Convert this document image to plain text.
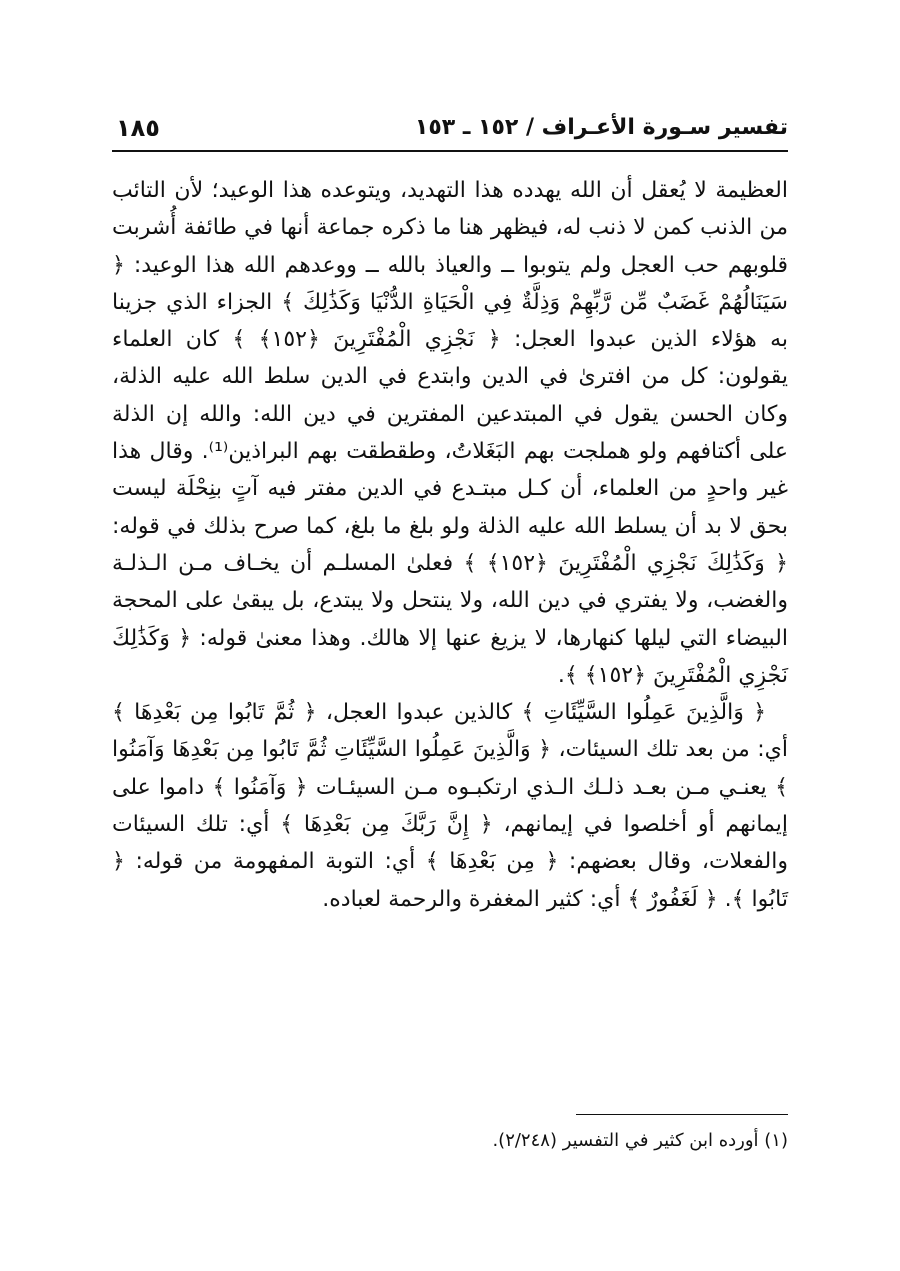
تفسير سـورة الأعـراف / ١٥٢ ـ ١٥٣
١٨٥

العظيمة لا يُعقل أن الله يهدده هذا التهديد، ويتوعده هذا الوعيد؛ لأن التائب من الذنب كمن لا ذنب له، فيظهر هنا ما ذكره جماعة أنها في طائفة أُشربت قلوبهم حب العجل ولم يتوبوا ــ والعياذ بالله ــ ووعدهم الله هذا الوعيد: ﴿ سَيَنَالُهُمْ غَضَبٌ مِّن رَّبِّهِمْ وَذِلَّةٌ فِي الْحَيَاةِ الدُّنْيَا وَكَذَٰلِكَ ﴾ الجزاء الذي جزينا به هؤلاء الذين عبدوا العجل: ﴿ نَجْزِي الْمُفْتَرِينَ ﴿١٥٢﴾ ﴾ كان العلماء يقولون: كل من افترىٰ في الدين وابتدع في الدين سلط الله عليه الذلة، وكان الحسن يقول في المبتدعين المفترين في دين الله: والله إن الذلة على أكتافهم ولو هملجت بهم البَغَلاتُ، وطقطقت بهم البراذين⁽¹⁾. وقال هذا غير واحدٍ من العلماء، أن كـل مبتـدع في الدين مفتر فيه آتٍ بنِحْلَة ليست بحق لا بد أن يسلط الله عليه الذلة ولو بلغ ما بلغ، كما صرح بذلك في قوله: ﴿ وَكَذَٰلِكَ نَجْزِي الْمُفْتَرِينَ ﴿١٥٢﴾ ﴾ فعلىٰ المسلـم أن يخـاف مـن الـذلـة والغضب، ولا يفتري في دين الله، ولا ينتحل ولا يبتدع، بل يبقىٰ على المحجة البيضاء التي ليلها كنهارها، لا يزيغ عنها إلا هالك. وهذا معنىٰ قوله: ﴿ وَكَذَٰلِكَ نَجْزِي الْمُفْتَرِينَ ﴿١٥٢﴾ ﴾.

﴿ وَالَّذِينَ عَمِلُوا السَّيِّئَاتِ ﴾ كالذين عبدوا العجل، ﴿ ثُمَّ تَابُوا مِن بَعْدِهَا ﴾ أي: من بعد تلك السيئات، ﴿ وَالَّذِينَ عَمِلُوا السَّيِّئَاتِ ثُمَّ تَابُوا مِن بَعْدِهَا وَآمَنُوا ﴾ يعنـي مـن بعـد ذلـك الـذي ارتكبـوه مـن السيئـات ﴿ وَآمَنُوا ﴾ داموا على إيمانهم أو أخلصوا في إيمانهم، ﴿ إِنَّ رَبَّكَ مِن بَعْدِهَا ﴾ أي: تلك السيئات والفعلات، وقال بعضهم: ﴿ مِن بَعْدِهَا ﴾ أي: التوبة المفهومة من قوله: ﴿ تَابُوا ﴾. ﴿ لَغَفُورٌ ﴾ أي: كثير المغفرة والرحمة لعباده.

(١) أورده ابن كثير في التفسير (٢/٢٤٨).
